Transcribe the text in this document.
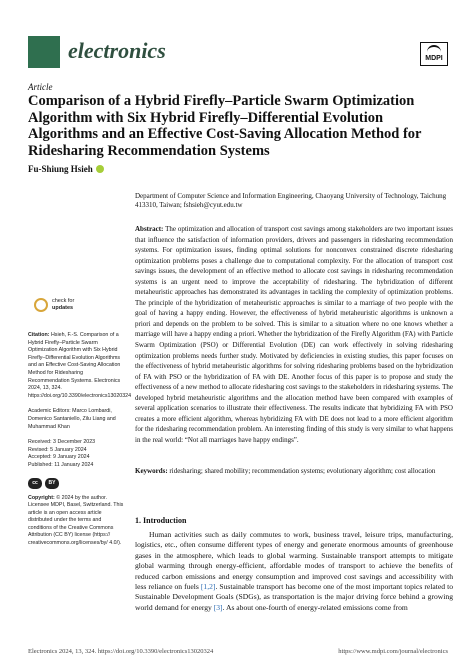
electronics	MDPI
Article
Comparison of a Hybrid Firefly–Particle Swarm Optimization Algorithm with Six Hybrid Firefly–Differential Evolution Algorithms and an Effective Cost-Saving Allocation Method for Ridesharing Recommendation Systems
Fu-Shiung Hsieh
check for
updates
Citation: Hsieh, F.-S. Comparison of a Hybrid Firefly–Particle Swarm Optimization Algorithm with Six Hybrid Firefly–Differential Evolution Algorithms and an Effective Cost-Saving Allocation Method for Ridesharing Recommendation Systems. Electronics 2024, 13, 324. https://doi.org/10.3390/electronics13020324
Academic Editors: Marco Lombardi, Domenico Santaniello, Zilu Liang and Muhammad Khan
Received: 3 December 2023
Revised: 5 January 2024
Accepted: 9 January 2024
Published: 11 January 2024
cc	BY
Copyright: © 2024 by the author. Licensee MDPI, Basel, Switzerland. This article is an open access article distributed under the terms and conditions of the Creative Commons Attribution (CC BY) license (https:// creativecommons.org/licenses/by/ 4.0/).
Department of Computer Science and Information Engineering, Chaoyang University of Technology, Taichung 413310, Taiwan; fshsieh@cyut.edu.tw
Abstract: The optimization and allocation of transport cost savings among stakeholders are two important issues that influence the satisfaction of information providers, drivers and passengers in ridesharing recommendation systems. For optimization issues, finding optimal solutions for nonconvex constrained discrete ridesharing optimization problems poses a challenge due to computational complexity. For the allocation of transport cost savings issues, the development of an effective method to allocate cost savings in ridesharing recommendation systems is an urgent need to improve the acceptability of ridesharing. The hybridization of different metaheuristic approaches has demonstrated its advantages in tackling the complexity of optimization problems. The principle of the hybridization of metaheuristic approaches is similar to a marriage of two people with the goal of having a happy ending. However, the effectiveness of hybrid metaheuristic algorithms is unknown a priori and depends on the problem to be solved. This is similar to a situation where no one knows whether a marriage will have a happy ending a priori. Whether the hybridization of the Firefly Algorithm (FA) with Particle Swarm Optimization (PSO) or Differential Evolution (DE) can work effectively in solving ridesharing optimization problems needs further study. Motivated by deficiencies in existing studies, this paper focuses on the effectiveness of hybrid metaheuristic algorithms for solving ridesharing problems based on the hybridization of FA with PSO or the hybridization of FA with DE. Another focus of this paper is to propose and study the effectiveness of a new method to allocate ridesharing cost savings to the stakeholders in ridesharing systems. The developed hybrid metaheuristic algorithms and the allocation method have been compared with examples of several application scenarios to illustrate their effectiveness. The results indicate that hybridizing FA with PSO creates a more efficient algorithm, whereas hybridizing FA with DE does not lead to a more efficient algorithm for the ridesharing recommendation problem. An interesting finding of this study is very similar to what happens in the real world: “Not all marriages have happy endings”.
Keywords: ridesharing; shared mobility; recommendation systems; evolutionary algorithm; cost allocation
1. Introduction
Human activities such as daily commutes to work, business travel, leisure trips, manufacturing, logistics, etc., often consume different types of energy and generate enormous amounts of greenhouse gases in the atmosphere, which leads to global warming. Sustainable transport attempts to mitigate global warming through energy-efficient, affordable modes of transport to achieve the benefits of reduced carbon emissions and energy consumption and improved cost savings and accessibility with less reliance on fuels [1,2]. Sustainable transport has become one of the most important topics related to Sustainable Development Goals (SDGs), as transportation is the major driving force behind a growing world demand for energy [3]. As about one-fourth of energy-related emissions come from
Electronics 2024, 13, 324. https://doi.org/10.3390/electronics13020324	https://www.mdpi.com/journal/electronics
